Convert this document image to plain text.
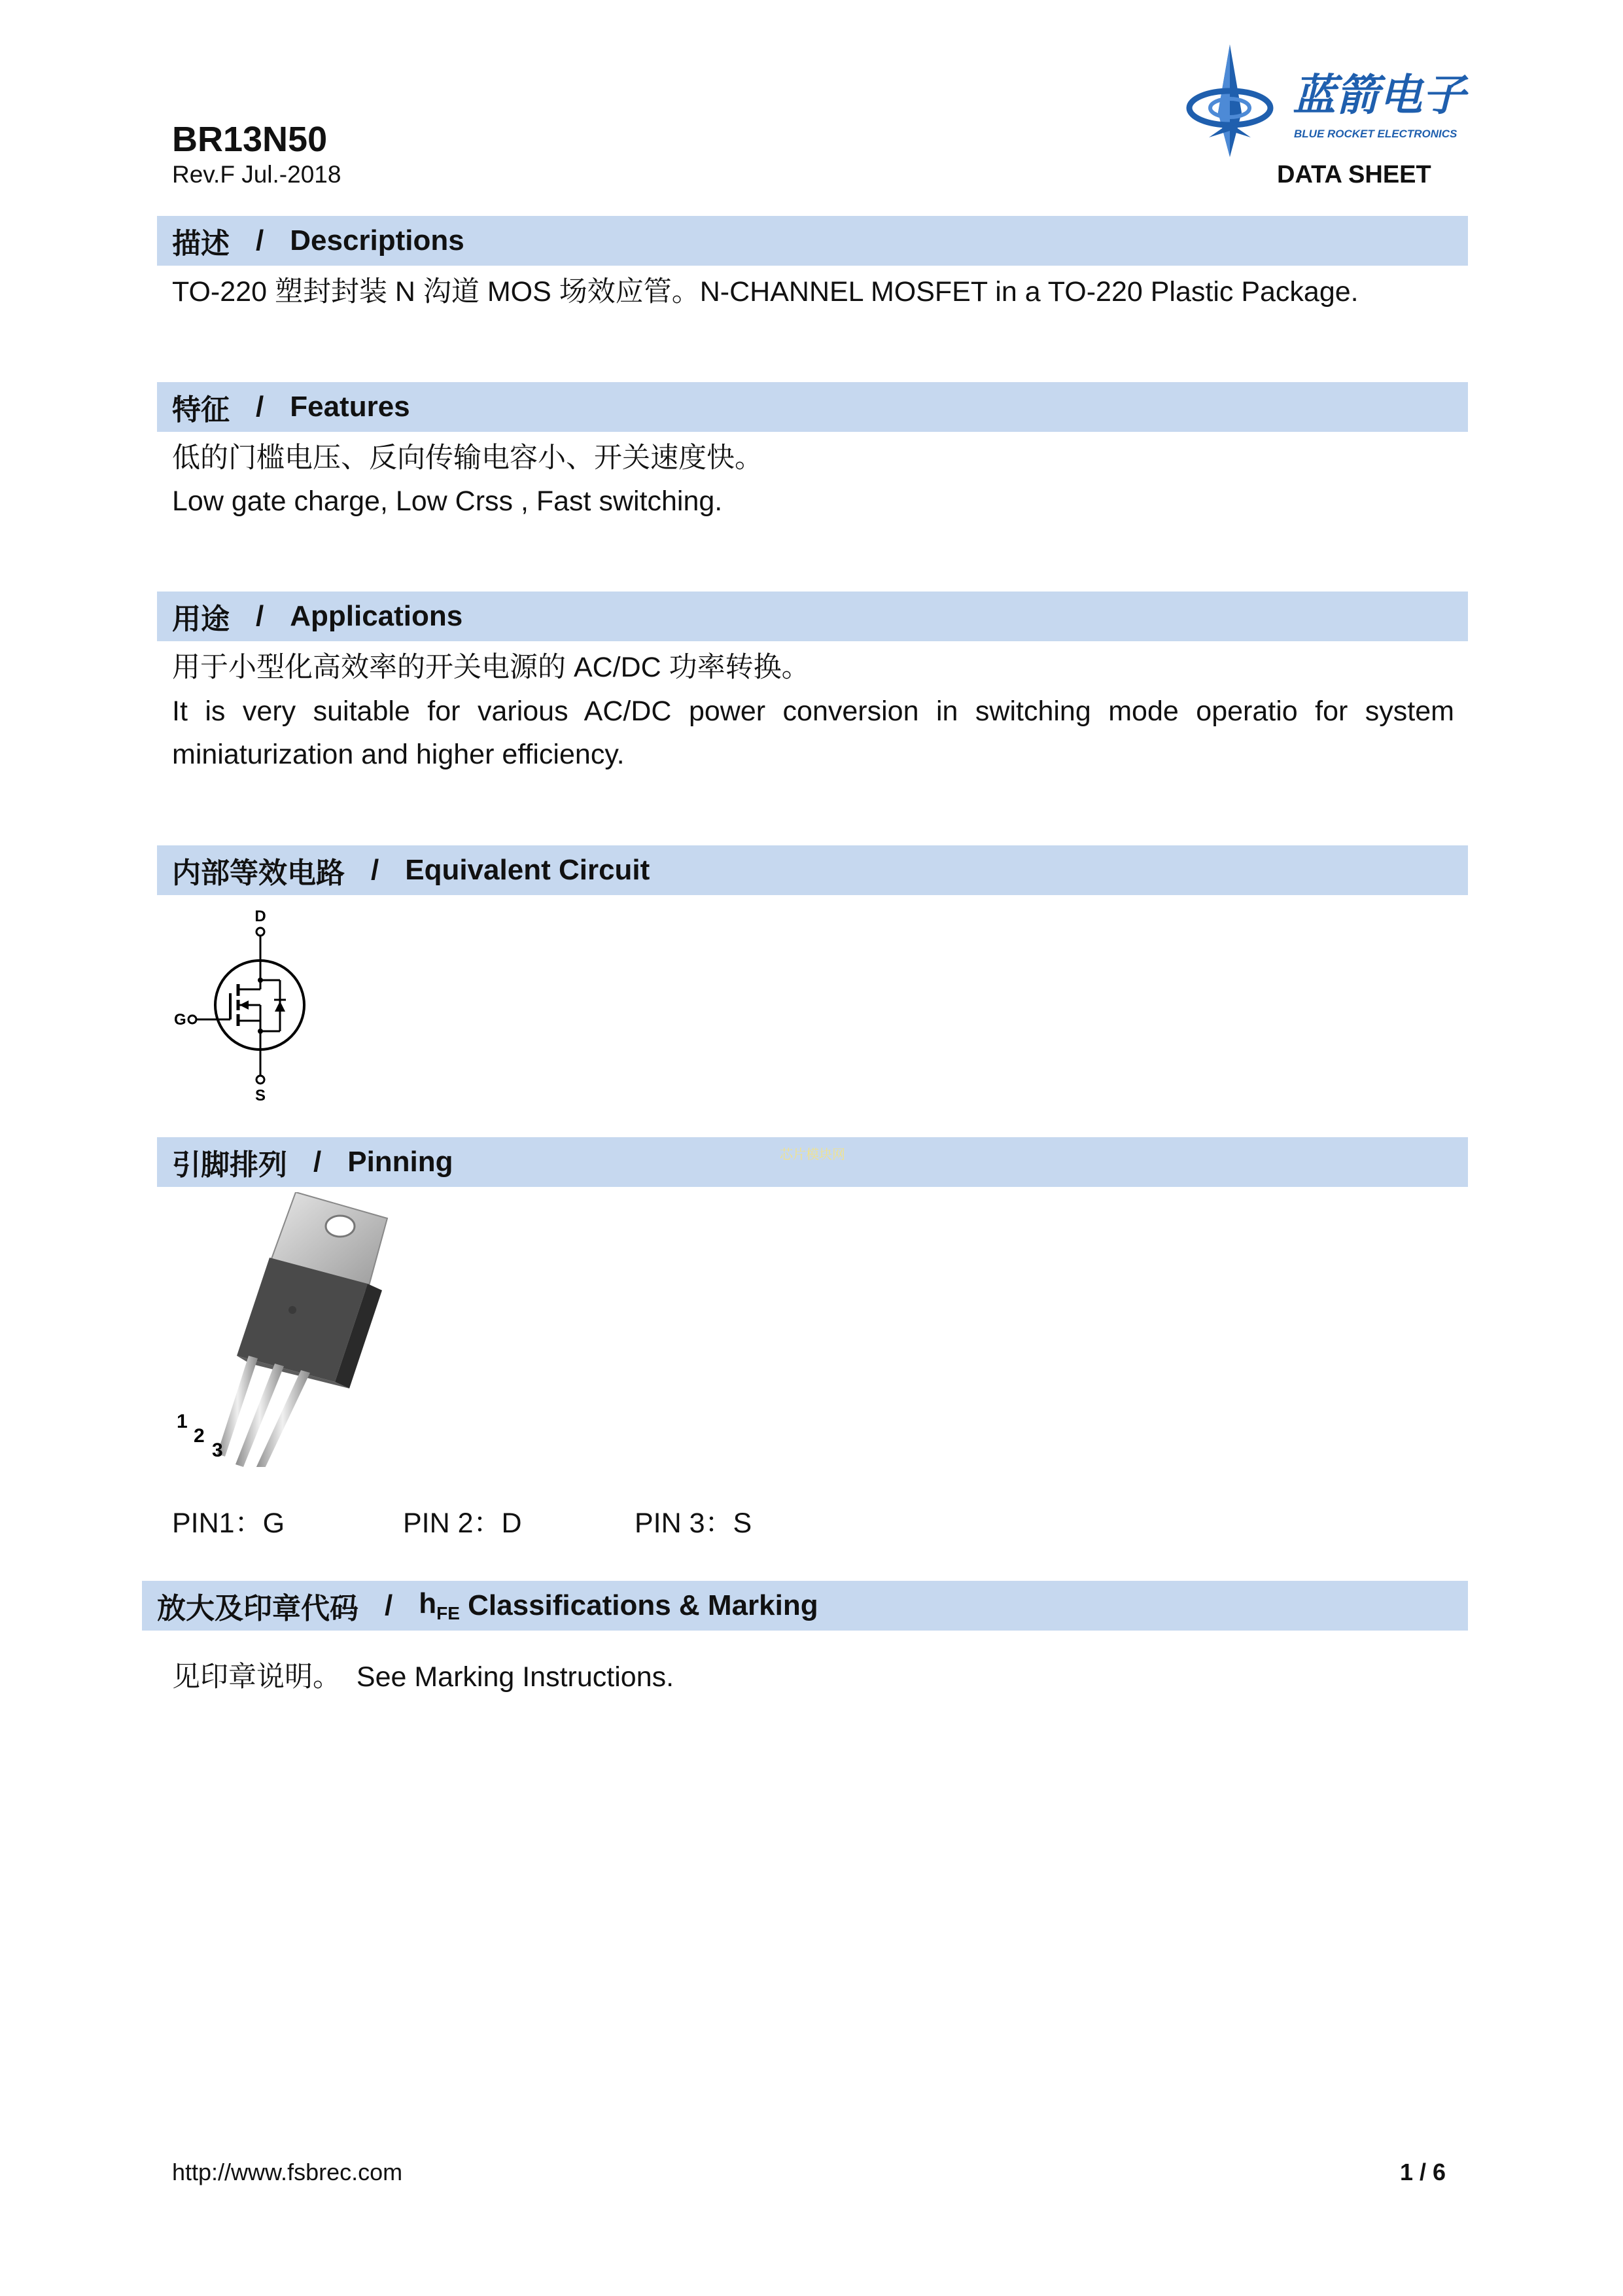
BR13N50
Rev.F Jul.-2018
蓝箭电子
BLUE ROCKET ELECTRONICS
DATA SHEET
描述 / Descriptions
TO-220 塑封封装 N 沟道 MOS 场效应管。N-CHANNEL MOSFET in a TO-220 Plastic Package.
特征 / Features
低的门槛电压、反向传输电容小、开关速度快。
Low gate charge, Low Crss , Fast switching.
用途 / Applications
用于小型化高效率的开关电源的 AC/DC 功率转换。
It is very suitable for various AC/DC power conversion in switching mode operatio for system
miniaturization and higher efficiency.
内部等效电路 / Equivalent Circuit
D
G
S
引脚排列 / Pinning	芯片模块网
1
2
3
PIN1：G	PIN 2：D	PIN 3：S
放大及印章代码 / $h_{FE}$
Classifications & Marking
见印章说明。  See Marking Instructions.
http://www.fsbrec.com	1 / 6
